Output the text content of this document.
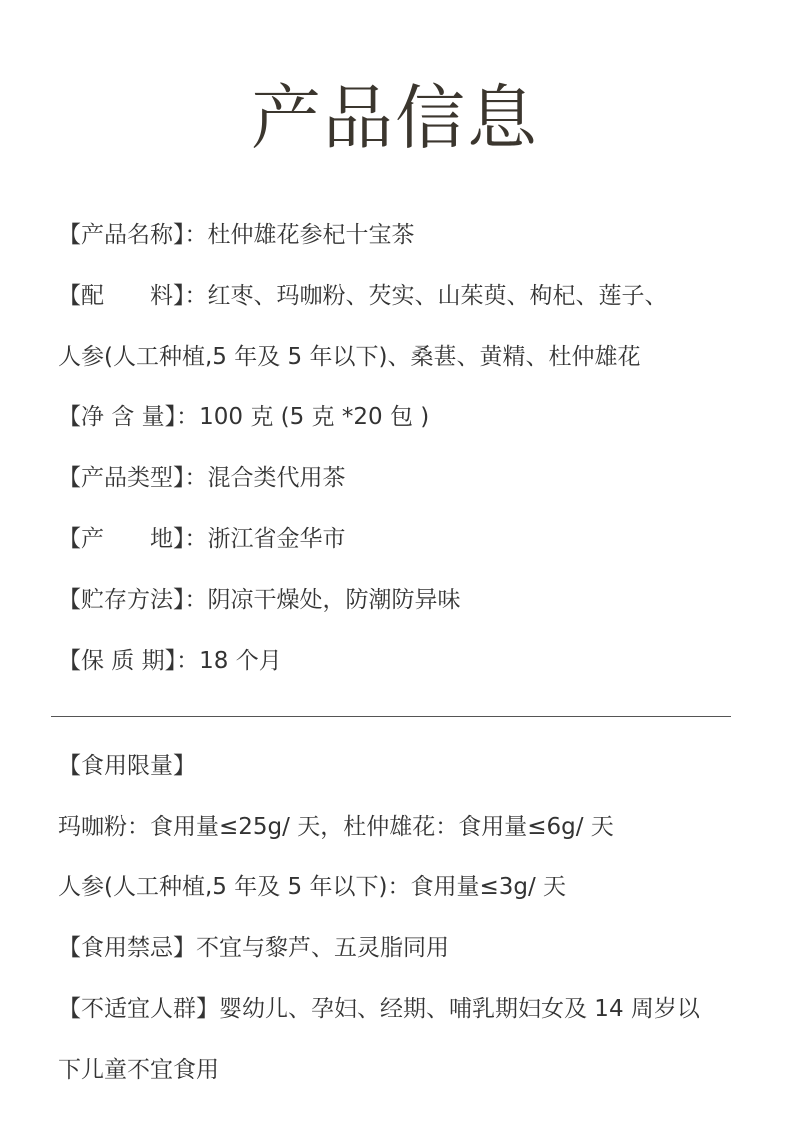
产品信息
【产品名称】：杜仲雄花参杞十宝茶
【配　　料】：红枣、玛咖粉、芡实、山茱萸、枸杞、莲子、
人参(人工种植,5 年及 5 年以下)、桑葚、黄精、杜仲雄花
【净 含 量】：100 克 (5 克 *20 包 )
【产品类型】：混合类代用茶
【产　　地】：浙江省金华市
【贮存方法】：阴凉干燥处，防潮防异味
【保 质 期】：18 个月
【食用限量】
玛咖粉：食用量≤25g/ 天，杜仲雄花：食用量≤6g/ 天
人参(人工种植,5 年及 5 年以下)：食用量≤3g/ 天
【食用禁忌】不宜与黎芦、五灵脂同用
【不适宜人群】婴幼儿、孕妇、经期、哺乳期妇女及 14 周岁以
下儿童不宜食用
